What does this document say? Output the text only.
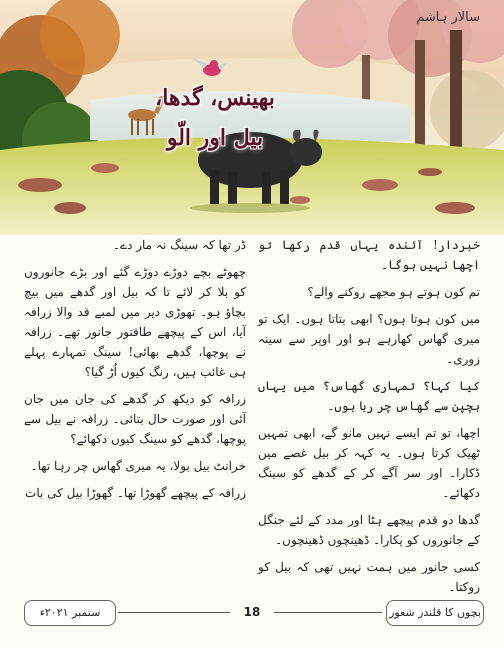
بھینس، گدھا، بیل اور الّو
سالار ہاشم

خبردار! آئندہ یہاں قدم رکھا تو اچھا نہیں ہوگا۔

تم کون ہوتے ہو مجھے روکنے والے؟

میں کون ہوتا ہوں؟ ابھی بتاتا ہوں۔ ایک تو میری گھاس کھارہے ہو اور اوپر سے سینہ زوری۔

کیا کہا؟ تمہاری گھاس؟ میں یہاں بچپن سے گھاس چر رہا ہوں۔

اچھا، تو تم ایسے نہیں مانو گے، ابھی تمہیں ٹھیک کرتا ہوں۔ یہ کہہ کر بیل غصے میں ڈکارا۔ اور سر آگے کر کے گدھے کو سینگ دکھائے۔

گدھا دو قدم پیچھے ہٹا اور مدد کے لئے جنگل کے جانوروں کو پکارا۔ ڈھینچوں ڈھینچوں۔

کسی جانور میں ہمت نہیں تھی کہ بیل کو روکتا۔

ڈر تھا کہ سینگ نہ مار دے۔

چھوٹے بچے دوڑے دوڑے گئے اور بڑے جانوروں کو بلا کر لائے تا کہ بیل اور گدھے میں بیچ بچاؤ ہو۔ تھوڑی دیر میں لمبے قد والا زرافہ آیا، اس کے پیچھے طاقتور جانور تھے۔ زرافہ نے پوچھا، گدھے بھائی! سینگ تمہارے پہلے ہی غائب ہیں، رنگ کیوں اُڑ گیا؟

زرافہ کو دیکھ کر گدھے کی جان میں جان آئی اور صورت حال بتائی۔ زرافہ نے بیل سے پوچھا، گدھے کو سینگ کیوں دکھائے؟

خرانٹ بیل بولا، یہ میری گھاس چر رہا تھا۔

زرافہ کے پیچھے گھوڑا تھا۔ گھوڑا بیل کی بات

ستمبر ۲۰۲۱ء	18	بچوں کا قلندر شعور
